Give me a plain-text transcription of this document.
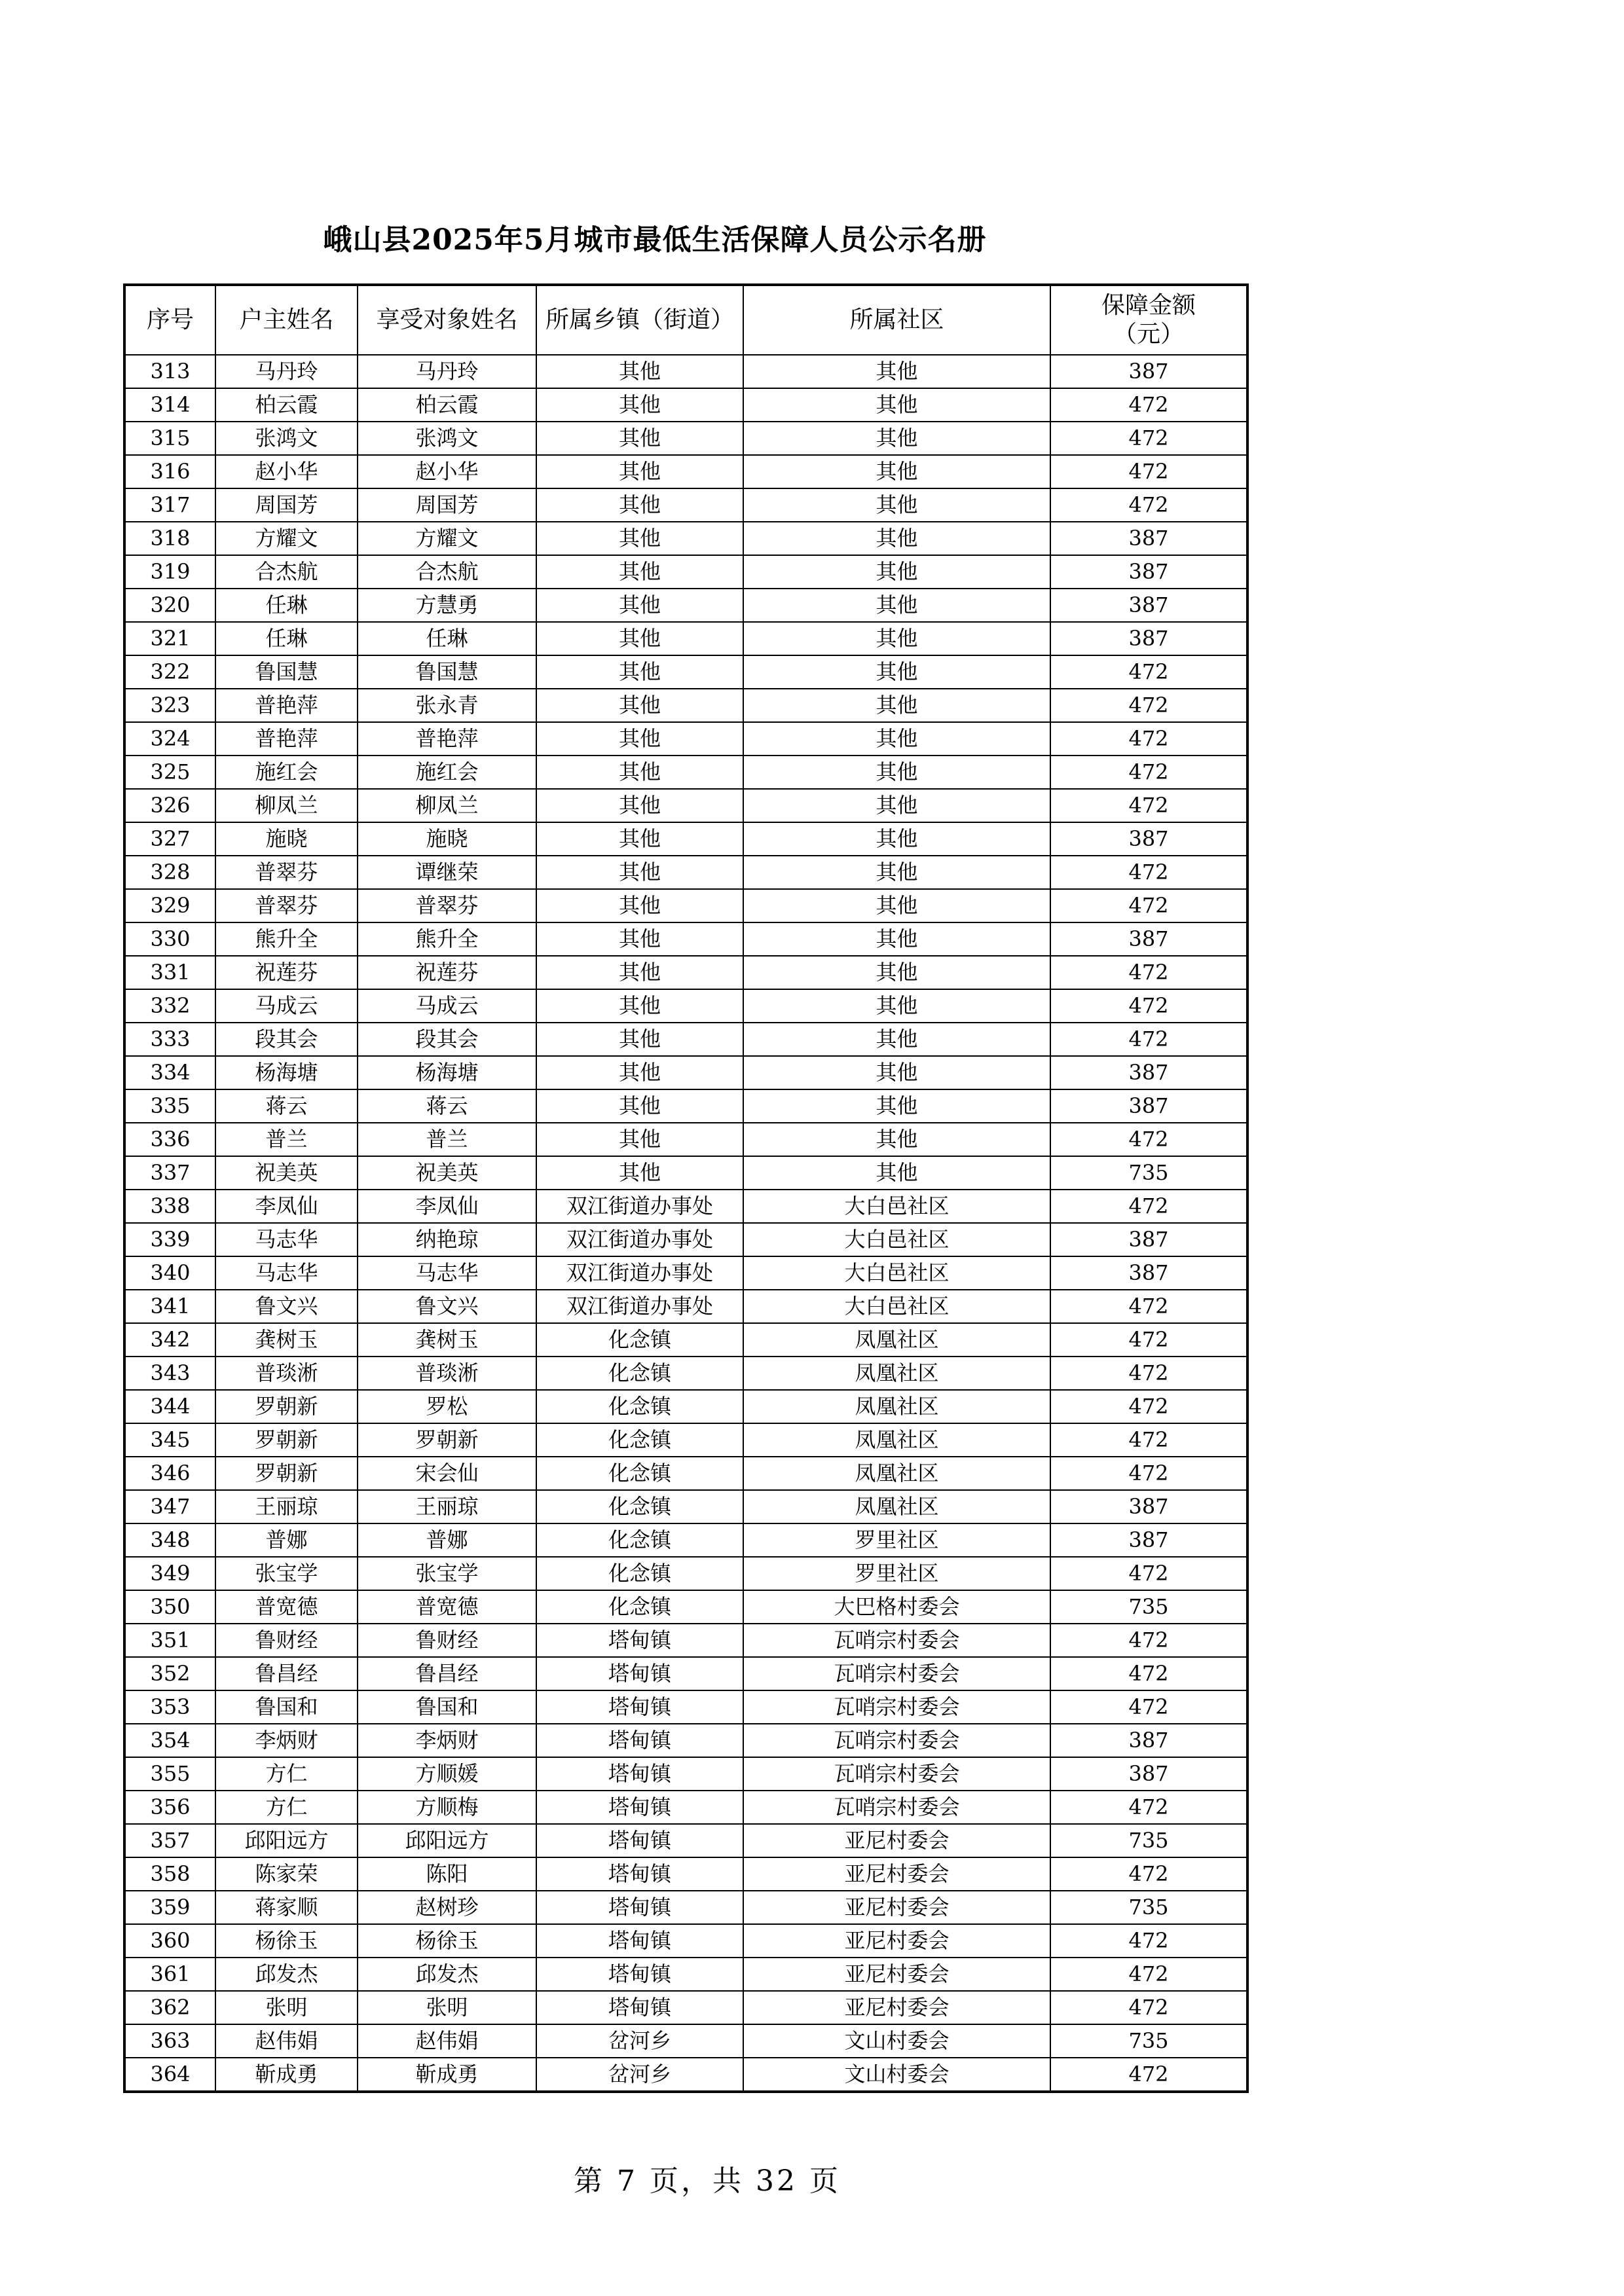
峨山县2025年5月城市最低生活保障人员公示名册
序号	户主姓名	享受对象姓名	所属乡镇（街道）	所属社区	保障金额
（元）
313	马丹玲	马丹玲	其他	其他	387
314	柏云霞	柏云霞	其他	其他	472
315	张鸿文	张鸿文	其他	其他	472
316	赵小华	赵小华	其他	其他	472
317	周国芳	周国芳	其他	其他	472
318	方耀文	方耀文	其他	其他	387
319	合杰航	合杰航	其他	其他	387
320	任琳	方慧勇	其他	其他	387
321	任琳	任琳	其他	其他	387
322	鲁国慧	鲁国慧	其他	其他	472
323	普艳萍	张永青	其他	其他	472
324	普艳萍	普艳萍	其他	其他	472
325	施红会	施红会	其他	其他	472
326	柳凤兰	柳凤兰	其他	其他	472
327	施晓	施晓	其他	其他	387
328	普翠芬	谭继荣	其他	其他	472
329	普翠芬	普翠芬	其他	其他	472
330	熊升全	熊升全	其他	其他	387
331	祝莲芬	祝莲芬	其他	其他	472
332	马成云	马成云	其他	其他	472
333	段其会	段其会	其他	其他	472
334	杨海塘	杨海塘	其他	其他	387
335	蒋云	蒋云	其他	其他	387
336	普兰	普兰	其他	其他	472
337	祝美英	祝美英	其他	其他	735
338	李凤仙	李凤仙	双江街道办事处	大白邑社区	472
339	马志华	纳艳琼	双江街道办事处	大白邑社区	387
340	马志华	马志华	双江街道办事处	大白邑社区	387
341	鲁文兴	鲁文兴	双江街道办事处	大白邑社区	472
342	龚树玉	龚树玉	化念镇	凤凰社区	472
343	普琰淅	普琰淅	化念镇	凤凰社区	472
344	罗朝新	罗松	化念镇	凤凰社区	472
345	罗朝新	罗朝新	化念镇	凤凰社区	472
346	罗朝新	宋会仙	化念镇	凤凰社区	472
347	王丽琼	王丽琼	化念镇	凤凰社区	387
348	普娜	普娜	化念镇	罗里社区	387
349	张宝学	张宝学	化念镇	罗里社区	472
350	普宽德	普宽德	化念镇	大巴格村委会	735
351	鲁财经	鲁财经	塔甸镇	瓦哨宗村委会	472
352	鲁昌经	鲁昌经	塔甸镇	瓦哨宗村委会	472
353	鲁国和	鲁国和	塔甸镇	瓦哨宗村委会	472
354	李炳财	李炳财	塔甸镇	瓦哨宗村委会	387
355	方仁	方顺媛	塔甸镇	瓦哨宗村委会	387
356	方仁	方顺梅	塔甸镇	瓦哨宗村委会	472
357	邱阳远方	邱阳远方	塔甸镇	亚尼村委会	735
358	陈家荣	陈阳	塔甸镇	亚尼村委会	472
359	蒋家顺	赵树珍	塔甸镇	亚尼村委会	735
360	杨徐玉	杨徐玉	塔甸镇	亚尼村委会	472
361	邱发杰	邱发杰	塔甸镇	亚尼村委会	472
362	张明	张明	塔甸镇	亚尼村委会	472
363	赵伟娟	赵伟娟	岔河乡	文山村委会	735
364	靳成勇	靳成勇	岔河乡	文山村委会	472
第 7 页，共 32 页
